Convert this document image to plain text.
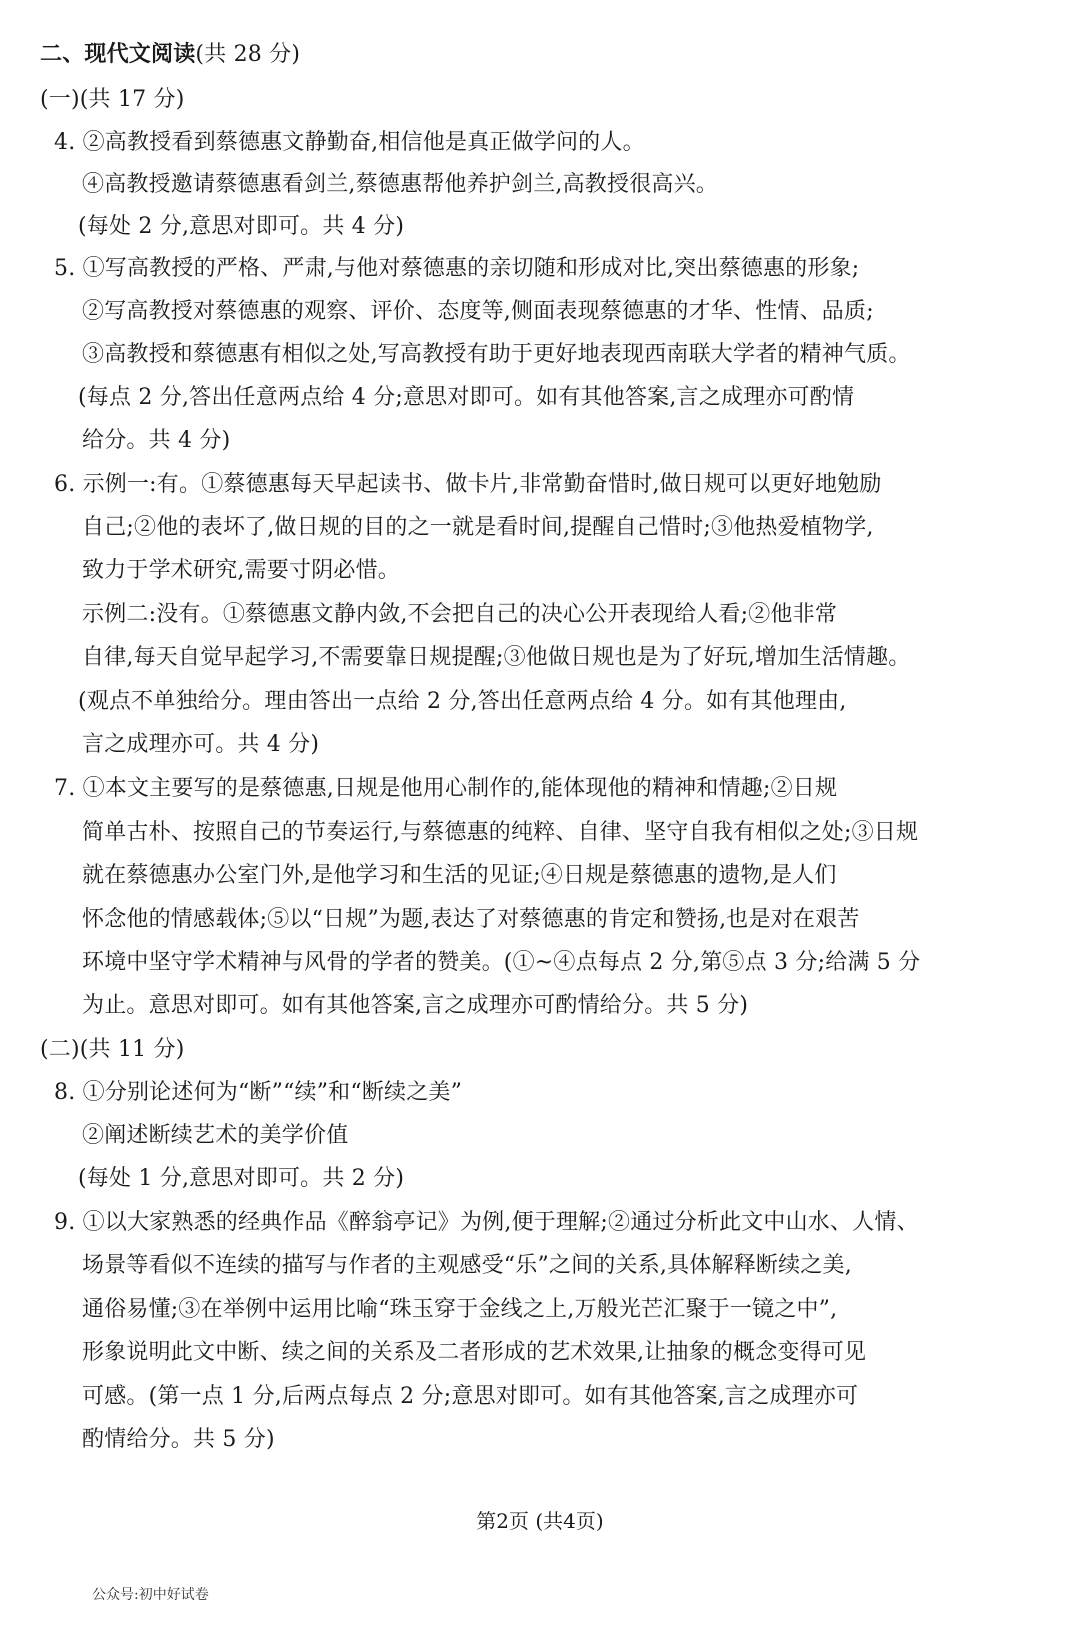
二、现代文阅读(共 28 分)
(一)(共 17 分)
4. ②高教授看到蔡德惠文静勤奋,相信他是真正做学问的人。
④高教授邀请蔡德惠看剑兰,蔡德惠帮他养护剑兰,高教授很高兴。
(每处 2 分,意思对即可。共 4 分)
5. ①写高教授的严格、严肃,与他对蔡德惠的亲切随和形成对比,突出蔡德惠的形象;
②写高教授对蔡德惠的观察、评价、态度等,侧面表现蔡德惠的才华、性情、品质;
③高教授和蔡德惠有相似之处,写高教授有助于更好地表现西南联大学者的精神气质。
(每点 2 分,答出任意两点给 4 分;意思对即可。如有其他答案,言之成理亦可酌情
给分。共 4 分)
6. 示例一:有。①蔡德惠每天早起读书、做卡片,非常勤奋惜时,做日规可以更好地勉励
自己;②他的表坏了,做日规的目的之一就是看时间,提醒自己惜时;③他热爱植物学,
致力于学术研究,需要寸阴必惜。
示例二:没有。①蔡德惠文静内敛,不会把自己的决心公开表现给人看;②他非常
自律,每天自觉早起学习,不需要靠日规提醒;③他做日规也是为了好玩,增加生活情趣。
(观点不单独给分。理由答出一点给 2 分,答出任意两点给 4 分。如有其他理由,
言之成理亦可。共 4 分)
7. ①本文主要写的是蔡德惠,日规是他用心制作的,能体现他的精神和情趣;②日规
简单古朴、按照自己的节奏运行,与蔡德惠的纯粹、自律、坚守自我有相似之处;③日规
就在蔡德惠办公室门外,是他学习和生活的见证;④日规是蔡德惠的遗物,是人们
怀念他的情感载体;⑤以“日规”为题,表达了对蔡德惠的肯定和赞扬,也是对在艰苦
环境中坚守学术精神与风骨的学者的赞美。(①~④点每点 2 分,第⑤点 3 分;给满 5 分
为止。意思对即可。如有其他答案,言之成理亦可酌情给分。共 5 分)
(二)(共 11 分)
8. ①分别论述何为“断”“续”和“断续之美”
②阐述断续艺术的美学价值
(每处 1 分,意思对即可。共 2 分)
9. ①以大家熟悉的经典作品《醉翁亭记》为例,便于理解;②通过分析此文中山水、人情、
场景等看似不连续的描写与作者的主观感受“乐”之间的关系,具体解释断续之美,
通俗易懂;③在举例中运用比喻“珠玉穿于金线之上,万般光芒汇聚于一镜之中”,
形象说明此文中断、续之间的关系及二者形成的艺术效果,让抽象的概念变得可见
可感。(第一点 1 分,后两点每点 2 分;意思对即可。如有其他答案,言之成理亦可
酌情给分。共 5 分)
第2页 (共4页)
公众号:初中好试卷
